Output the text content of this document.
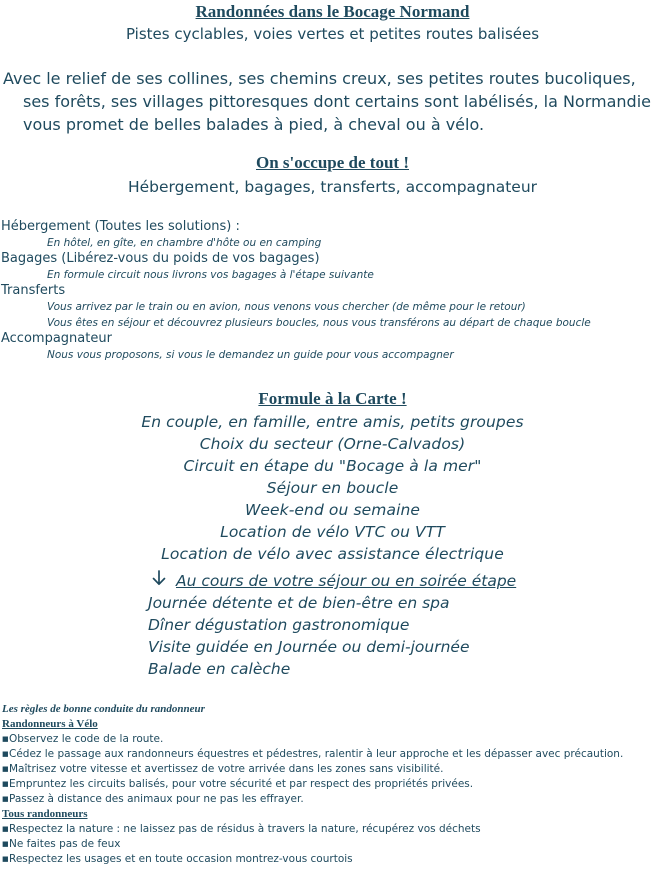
Randonnées dans le Bocage Normand
Pistes cyclables, voies vertes et petites routes balisées
Avec le relief de ses collines, ses chemins creux, ses petites routes bucoliques, ses forêts, ses villages pittoresques dont certains sont labélisés, la Normandie vous promet de belles balades à pied, à cheval ou à vélo.
On s'occupe de tout !
Hébergement, bagages, transferts, accompagnateur
Hébergement (Toutes les solutions) :
En hôtel, en gîte, en chambre d'hôte ou en camping
Bagages (Libérez-vous du poids de vos bagages)
En formule circuit nous livrons vos bagages à l'étape suivante
Transferts
Vous arrivez par le train ou en avion, nous venons vous chercher (de même pour le retour)
Vous êtes en séjour et découvrez plusieurs boucles, nous vous transférons au départ de chaque boucle
Accompagnateur
Nous vous proposons, si vous le demandez un guide pour vous accompagner
Formule à la Carte !
En couple, en famille, entre amis, petits groupes
Choix du secteur (Orne-Calvados)
Circuit en étape du "Bocage à la mer"
Séjour en boucle
Week-end ou semaine
Location de vélo VTC ou VTT
Location de vélo avec assistance électrique
Au cours de votre séjour ou en soirée étape
Journée détente et de bien-être en spa
Dîner dégustation gastronomique
Visite guidée en Journée ou demi-journée
Balade en calèche
Les règles de bonne conduite du randonneur
Randonneurs à Vélo
■Observez le code de la route.
■Cédez le passage aux randonneurs équestres et pédestres, ralentir à leur approche et les dépasser avec précaution.
■Maîtrisez votre vitesse et avertissez de votre arrivée dans les zones sans visibilité.
■Empruntez les circuits balisés, pour votre sécurité et par respect des propriétés privées.
■Passez à distance des animaux pour ne pas les effrayer.
Tous randonneurs
■Respectez la nature : ne laissez pas de résidus à travers la nature, récupérez vos déchets
■Ne faites pas de feux
■Respectez les usages et en toute occasion montrez-vous courtois
